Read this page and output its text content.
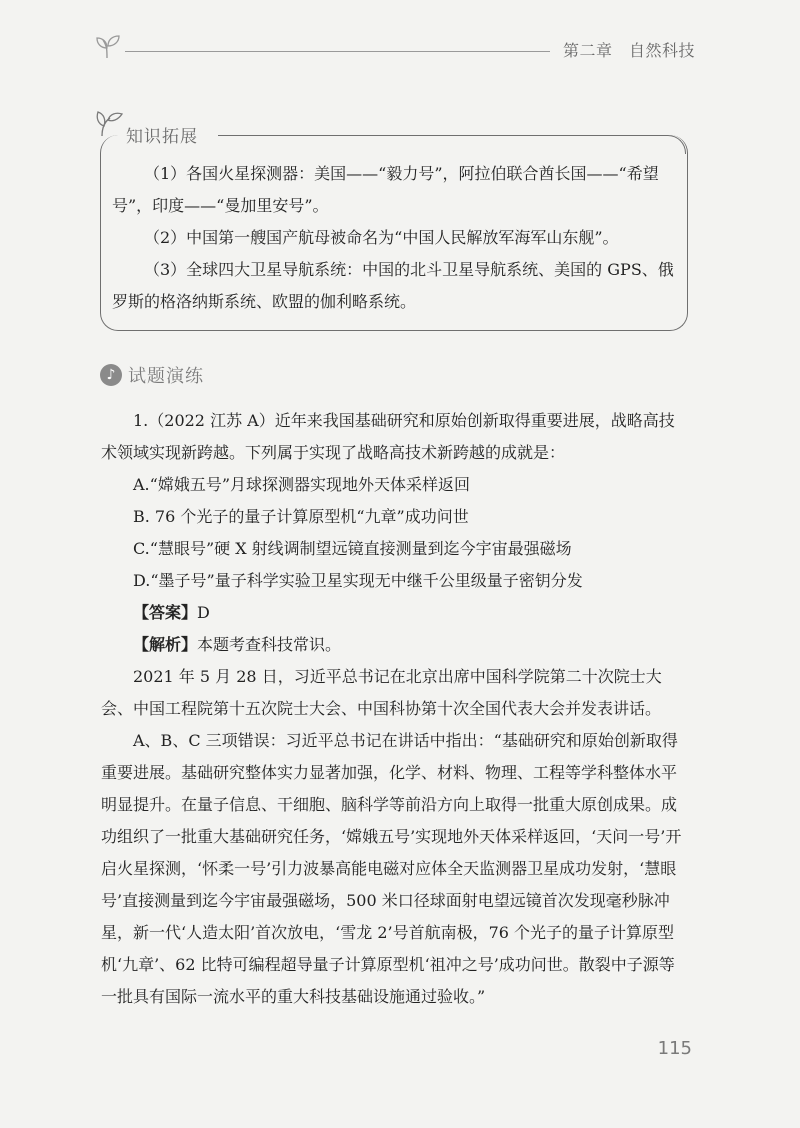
第二章　自然科技
知识拓展

（1）各国火星探测器：美国——“毅力号”，阿拉伯联合酋长国——“希望号”，印度——“曼加里安号”。

（2）中国第一艘国产航母被命名为“中国人民解放军海军山东舰”。

（3）全球四大卫星导航系统：中国的北斗卫星导航系统、美国的 GPS、俄罗斯的格洛纳斯系统、欧盟的伽利略系统。

♪ 试题演练

1.（2022 江苏 A）近年来我国基础研究和原始创新取得重要进展，战略高技术领域实现新跨越。下列属于实现了战略高技术新跨越的成就是：

A.“嫦娥五号”月球探测器实现地外天体采样返回

B. 76 个光子的量子计算原型机“九章”成功问世

C.“慧眼号”硬 X 射线调制望远镜直接测量到迄今宇宙最强磁场

D.“墨子号”量子科学实验卫星实现无中继千公里级量子密钥分发

【答案】D

【解析】本题考查科技常识。

2021 年 5 月 28 日，习近平总书记在北京出席中国科学院第二十次院士大会、中国工程院第十五次院士大会、中国科协第十次全国代表大会并发表讲话。

A、B、C 三项错误：习近平总书记在讲话中指出：“基础研究和原始创新取得重要进展。基础研究整体实力显著加强，化学、材料、物理、工程等学科整体水平明显提升。在量子信息、干细胞、脑科学等前沿方向上取得一批重大原创成果。成功组织了一批重大基础研究任务，‘嫦娥五号’实现地外天体采样返回，‘天问一号’开启火星探测，‘怀柔一号’引力波暴高能电磁对应体全天监测器卫星成功发射，‘慧眼号’直接测量到迄今宇宙最强磁场，500 米口径球面射电望远镜首次发现毫秒脉冲星，新一代‘人造太阳’首次放电，‘雪龙 2’号首航南极，76 个光子的量子计算原型机‘九章’、62 比特可编程超导量子计算原型机‘祖冲之号’成功问世。散裂中子源等一批具有国际一流水平的重大科技基础设施通过验收。”

115
